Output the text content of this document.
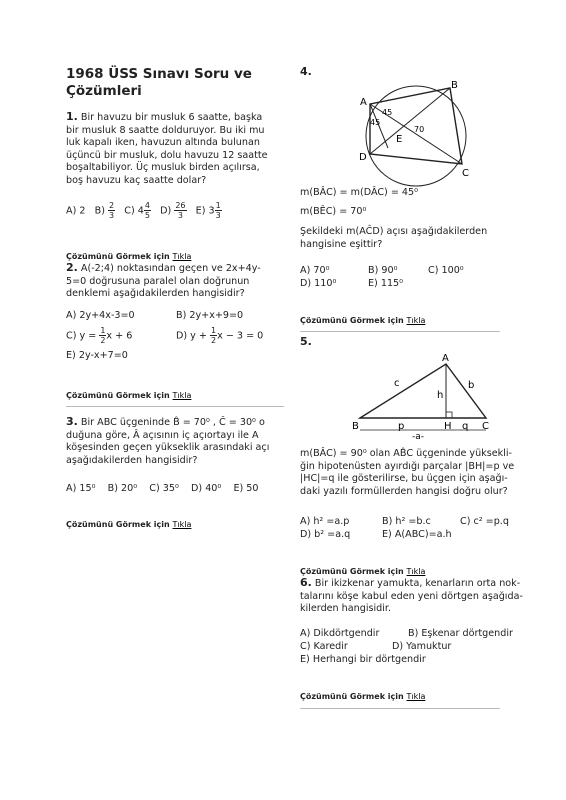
1968 ÜSS Sınavı Soru ve Çözümleri
1. Bir havuzu bir musluk 6 saatte, başka
bir musluk 8 saatte dolduruyor. Bu iki mu
luk kapalı iken, havuzun altında bulunan
üçüncü bir musluk, dolu havuzu 12 saatte
boşaltabiliyor. Üç musluk birden açılırsa,
boş havuzu kaç saatte dolar?
A) 2 $B) \frac{2}{3} C$) $4 \frac{4}{5} D) \frac{26}{3} E$) $3 \frac{1}{3}$
Çözümünü Görmek için Tıkla
2. A(-2;4) noktasından geçen ve 2x+4y-
5=0 doğrusuna paralel olan doğrunun
denklemi aşağıdakilerden hangisidir?
A) 2y+4x-3=0	B) 2y+x+9=0
C) $y = \frac{1}{2}$ x + 6	D) $y + \frac{1}{2}$ x − 3 = 0
E) 2y-x+7=0
Çözümünü Görmek için Tıkla
3. Bir ABC üçgeninde B̂ = 70⁰ , Ĉ = 30⁰ o
duğuna göre, Â açısının iç açıortayı ile A
köşesinden geçen yükseklik arasındaki açı
aşağıdakilerden hangisidir?
A) 15⁰ B) 20⁰ C) 35⁰ D) 40⁰ E) 50
Çözümünü Görmek için Tıkla
4.
A
B
C
D
E
45
45
70
m(BÂC) = m(DÂC) = 45⁰
m(BÊC) = 70⁰
Şekildeki m(AĈD) açısı aşağıdakilerden
hangisine eşittir?
A) 70⁰	B) 90⁰	C) 100⁰
D) 110⁰	E) 115⁰
Çözümünü Görmek için Tıkla
5.
A
B	C
H
c	b
h
p	q
-a-
m(BÂC) = 90⁰ olan AB̂C üçgeninde yüksekli-
ğin hipotenüsten ayırdığı parçalar |BH|=p ve
|HC|=q ile gösterilirse, bu üçgen için aşağı-
daki yazılı formüllerden hangisi doğru olur?
A) h² =a.p	B) h² =b.c	C) c² =p.q
D) b² =a.q	E) A(ABC)=a.h
Çözümünü Görmek için Tıkla
6. Bir ikizkenar yamukta, kenarların orta nok-
talarını köşe kabul eden yeni dörtgen aşağıda-
kilerden hangisidir.
A) Dikdörtgendir	B) Eşkenar dörtgendir
C) Karedir	D) Yamuktur
E) Herhangi bir dörtgendir
Çözümünü Görmek için Tıkla
